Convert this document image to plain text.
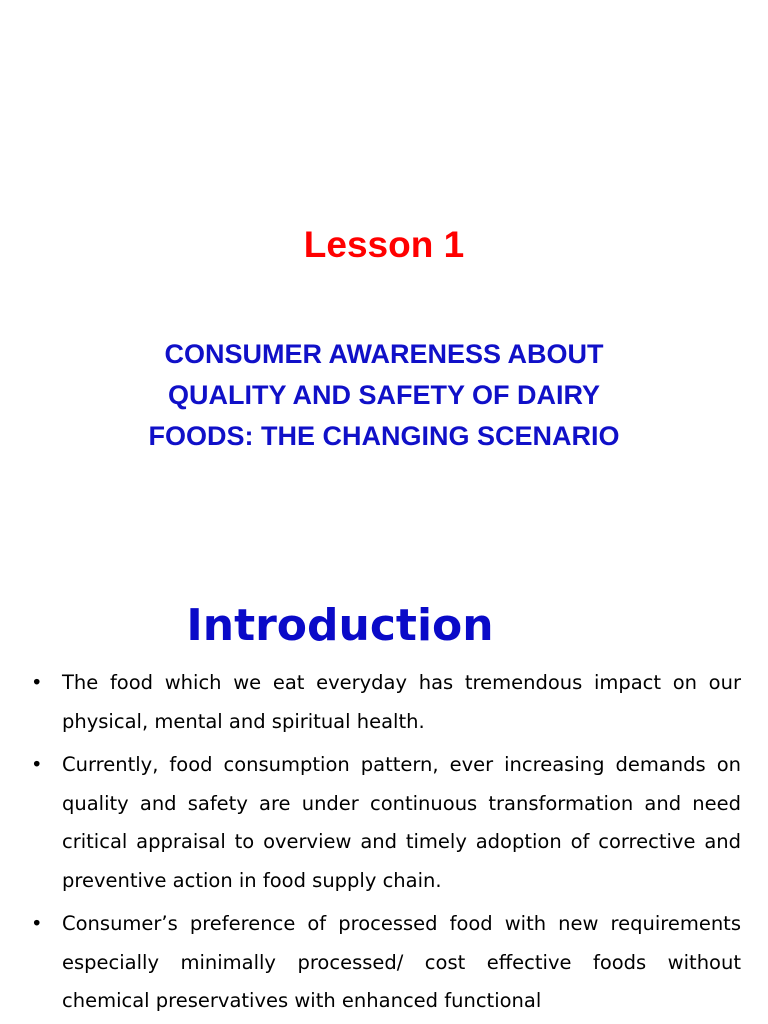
Lesson 1
CONSUMER AWARENESS ABOUT
QUALITY AND SAFETY OF DAIRY
FOODS: THE CHANGING SCENARIO
Introduction
• The food which we eat everyday has tremendous impact on our physical, mental and spiritual health.
• Currently, food consumption pattern, ever increasing demands on quality and safety are under continuous transformation and need critical appraisal to overview and timely adoption of corrective and preventive action in food supply chain.
• Consumer’s preference of processed food with new requirements especially minimally processed/ cost effective foods without chemical preservatives with enhanced functional
